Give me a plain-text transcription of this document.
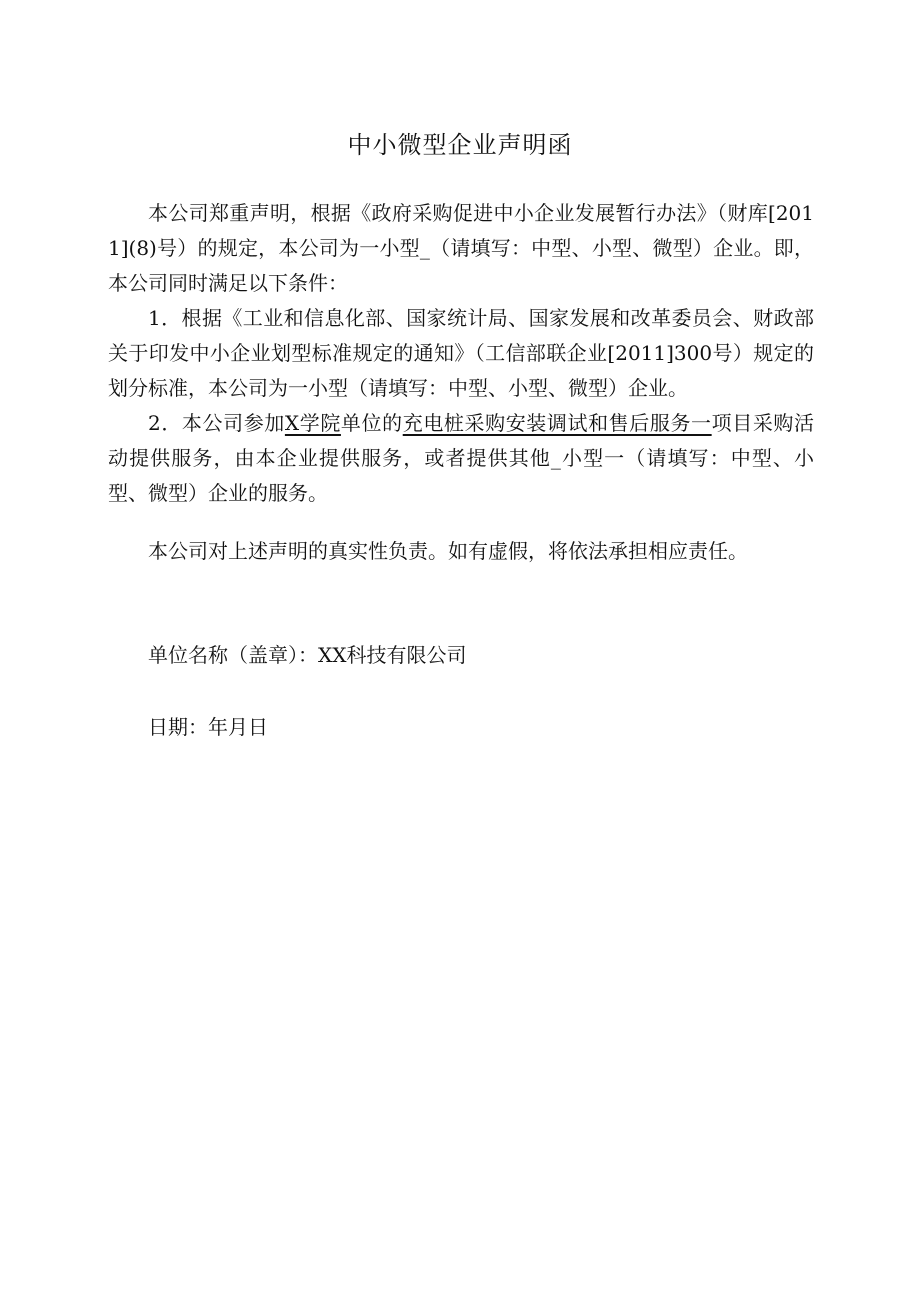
中小微型企业声明函

本公司郑重声明，根据《政府采购促进中小企业发展暂行办法》（财库[2011](8)号）的规定，本公司为一小型_（请填写：中型、小型、微型）企业。即，本公司同时满足以下条件：

1．根据《工业和信息化部、国家统计局、国家发展和改革委员会、财政部关于印发中小企业划型标准规定的通知》（工信部联企业[2011]300号）规定的划分标准，本公司为一小型（请填写：中型、小型、微型）企业。

2．本公司参加X学院单位的充电桩采购安装调试和售后服务一项目采购活动提供服务，由本企业提供服务，或者提供其他_小型一（请填写：中型、小型、微型）企业的服务。

本公司对上述声明的真实性负责。如有虚假，将依法承担相应责任。

单位名称（盖章）：XX科技有限公司

日期：年月日
